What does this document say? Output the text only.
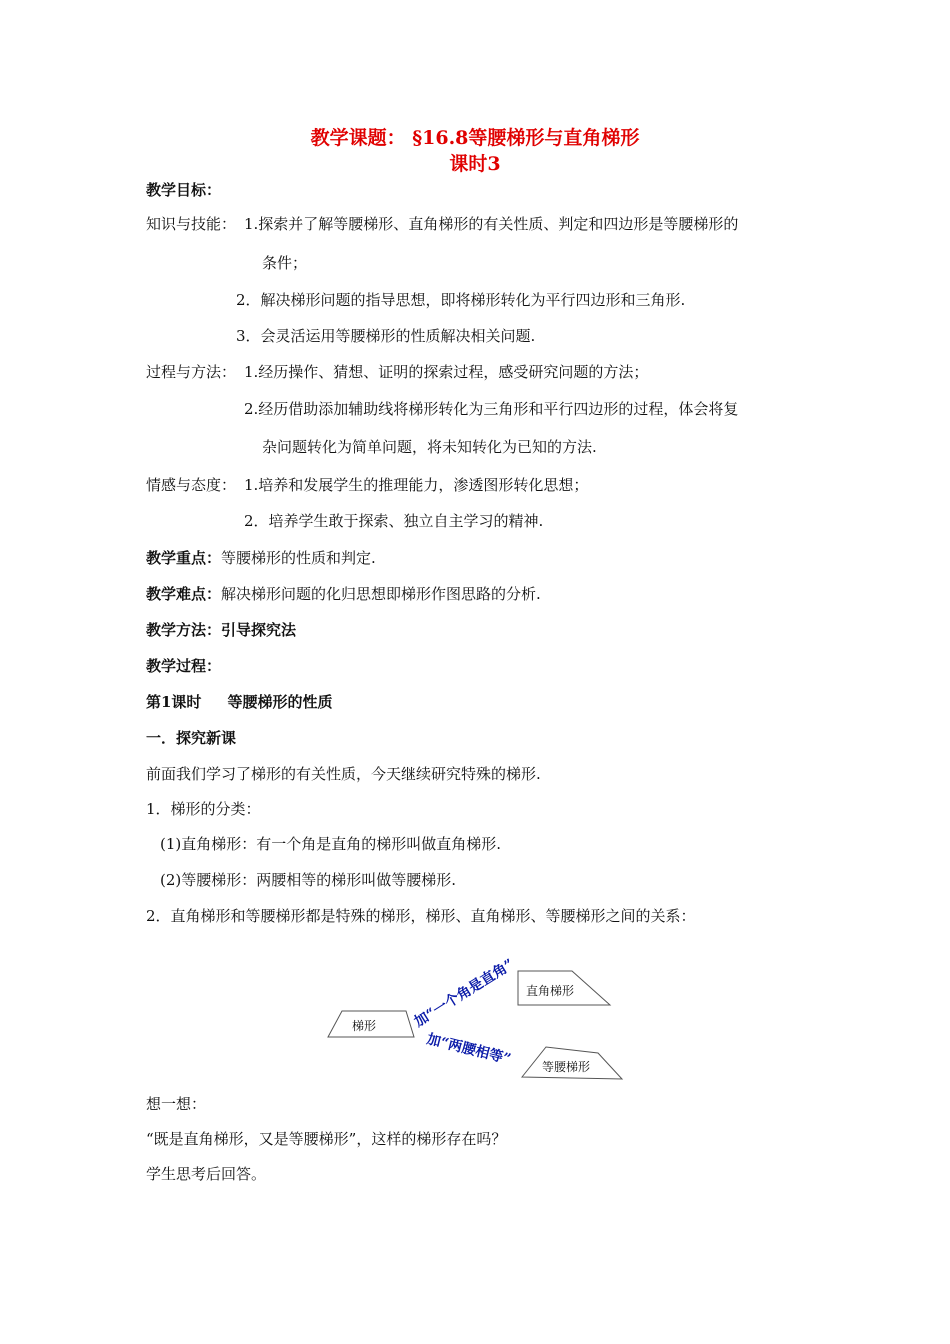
教学课题： §16.8等腰梯形与直角梯形
课时3
教学目标：
知识与技能： 1.探索并了解等腰梯形、直角梯形的有关性质、判定和四边形是等腰梯形的
条件；
2．解决梯形问题的指导思想，即将梯形转化为平行四边形和三角形.
3．会灵活运用等腰梯形的性质解决相关问题.
过程与方法： 1.经历操作、猜想、证明的探索过程，感受研究问题的方法；
2.经历借助添加辅助线将梯形转化为三角形和平行四边形的过程，体会将复
杂问题转化为简单问题，将未知转化为已知的方法.
情感与态度： 1.培养和发展学生的推理能力，渗透图形转化思想；
2．培养学生敢于探索、独立自主学习的精神.
教学重点：等腰梯形的性质和判定.
教学难点：解决梯形问题的化归思想即梯形作图思路的分析.
教学方法：引导探究法
教学过程：
第1课时     等腰梯形的性质
一．探究新课
前面我们学习了梯形的有关性质，今天继续研究特殊的梯形.
1．梯形的分类：
(1)直角梯形：有一个角是直角的梯形叫做直角梯形.
(2)等腰梯形：两腰相等的梯形叫做等腰梯形.
2．直角梯形和等腰梯形都是特殊的梯形，梯形、直角梯形、等腰梯形之间的关系：
梯形
直角梯形
等腰梯形
加“一个角是直角”
加“两腰相等”
想一想：
“既是直角梯形，又是等腰梯形”，这样的梯形存在吗？
学生思考后回答。
